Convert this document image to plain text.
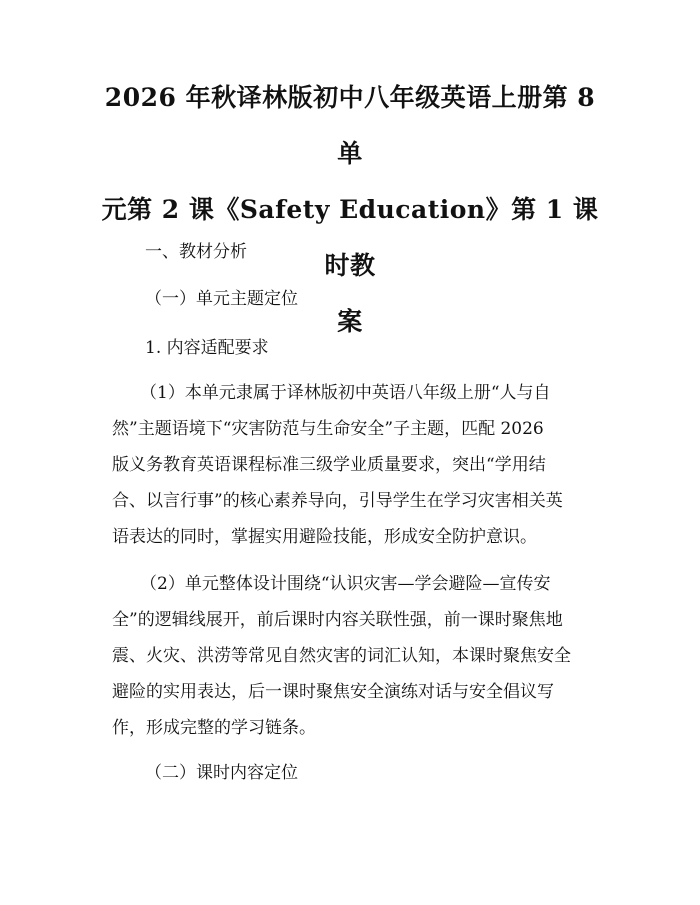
2026 年秋译林版初中八年级英语上册第 8 单
元第 2 课《Safety Education》第 1 课时教
案
一、教材分析
（一）单元主题定位
1. 内容适配要求
（1）本单元隶属于译林版初中英语八年级上册“人与自
然”主题语境下“灾害防范与生命安全”子主题，匹配 2026
版义务教育英语课程标准三级学业质量要求，突出“学用结
合、以言行事”的核心素养导向，引导学生在学习灾害相关英
语表达的同时，掌握实用避险技能，形成安全防护意识。
（2）单元整体设计围绕“认识灾害—学会避险—宣传安
全”的逻辑线展开，前后课时内容关联性强，前一课时聚焦地
震、火灾、洪涝等常见自然灾害的词汇认知，本课时聚焦安全
避险的实用表达，后一课时聚焦安全演练对话与安全倡议写
作，形成完整的学习链条。
（二）课时内容定位
